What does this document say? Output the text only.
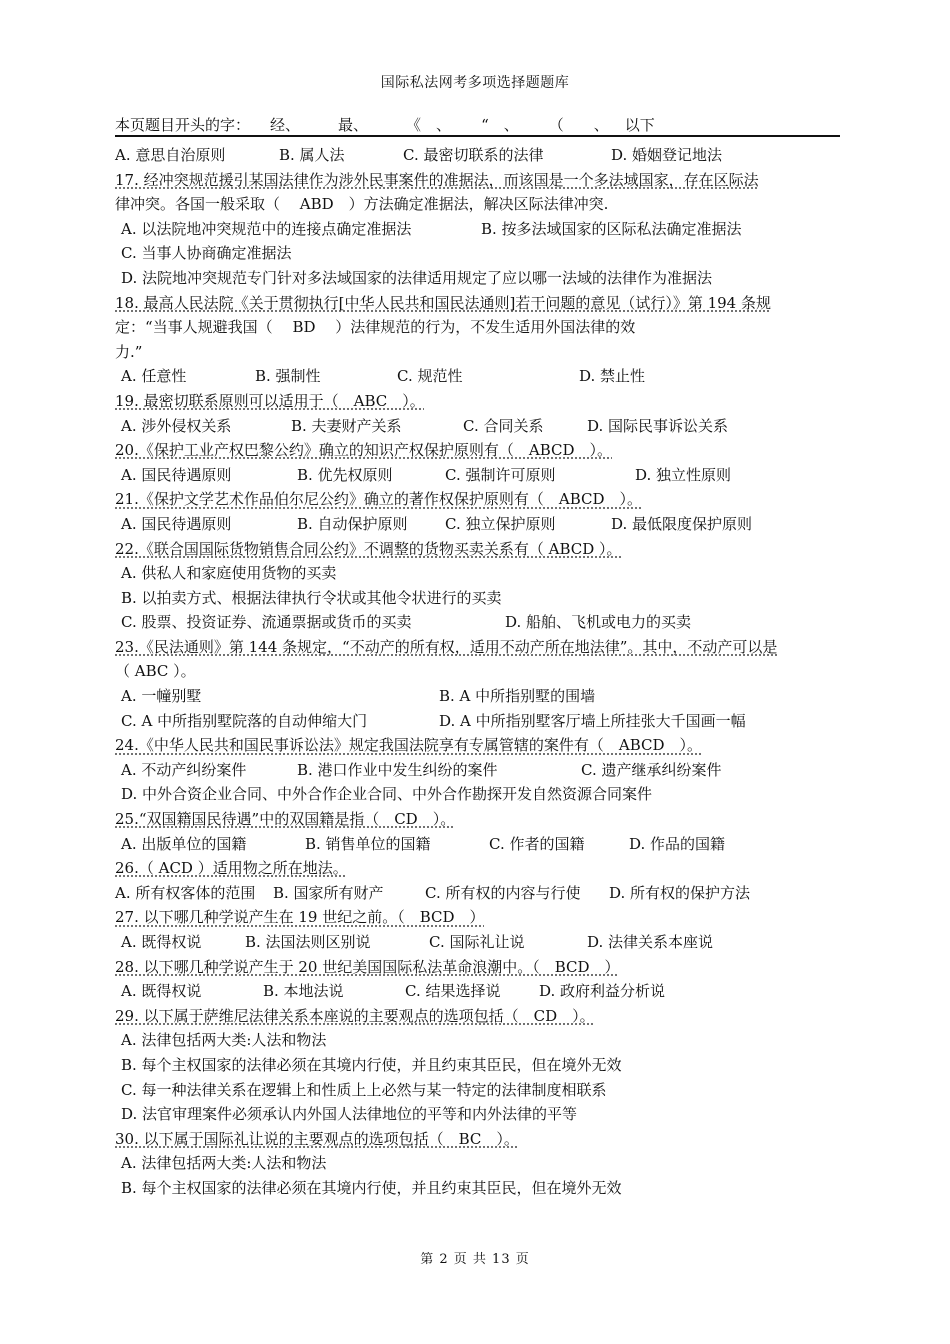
国际私法网考多项选择题题库
本页题目开头的字： 经、	最、	《　、 “　、 （　　、 以下
A. 意思自治原则	B. 属人法	C. 最密切联系的法律	D. 婚姻登记地法
17. 经冲突规范援引某国法律作为涉外民事案件的准据法，而该国是一个多法域国家，存在区际法
律冲突。各国一般采取（　 ABD　）方法确定准据法，解决区际法律冲突.
A. 以法院地冲突规范中的连接点确定准据法	B. 按多法域国家的区际私法确定准据法
C. 当事人协商确定准据法
D. 法院地冲突规范专门针对多法域国家的法律适用规定了应以哪一法域的法律作为准据法
18. 最高人民法院《关于贯彻执行[中华人民共和国民法通则]若干问题的意见（试行）》第 194 条规
定：“当事人规避我国（　 BD　 ）法律规范的行为，不发生适用外国法律的效
力.”
A. 任意性	B. 强制性	C. 规范性	D. 禁止性
19. 最密切联系原则可以适用于（　ABC　）。
A. 涉外侵权关系	B. 夫妻财产关系	C. 合同关系	D. 国际民事诉讼关系
20.《保护工业产权巴黎公约》确立的知识产权保护原则有（　ABCD　）。
A. 国民待遇原则	B. 优先权原则	C. 强制许可原则	D. 独立性原则
21.《保护文学艺术作品伯尔尼公约》确立的著作权保护原则有（　ABCD　）。
A. 国民待遇原则	B. 自动保护原则	C. 独立保护原则	D. 最低限度保护原则
22.《联合国国际货物销售合同公约》不调整的货物买卖关系有（ ABCD ）。
A. 供私人和家庭使用货物的买卖
B. 以拍卖方式、根据法律执行令状或其他令状进行的买卖
C. 股票、投资证券、流通票据或货币的买卖	D. 船舶、飞机或电力的买卖
23.《民法通则》第 144 条规定，“不动产的所有权，适用不动产所在地法律”。其中，不动产可以是
（ ABC ）。
A. 一幢别墅	B. A 中所指别墅的围墙
C. A 中所指别墅院落的自动伸缩大门	D. A 中所指别墅客厅墙上所挂张大千国画一幅
24.《中华人民共和国民事诉讼法》规定我国法院享有专属管辖的案件有（　ABCD　）。
A. 不动产纠纷案件	B. 港口作业中发生纠纷的案件	C. 遗产继承纠纷案件
D. 中外合资企业合同、中外合作企业合同、中外合作勘探开发自然资源合同案件
25.“双国籍国民待遇”中的双国籍是指（　CD　）。
A. 出版单位的国籍	B. 销售单位的国籍	C. 作者的国籍	D. 作品的国籍
26.（ ACD ）适用物之所在地法。
A. 所有权客体的范围	B. 国家所有财产	C. 所有权的内容与行使	D. 所有权的保护方法
27. 以下哪几种学说产生在 19 世纪之前。（　BCD　）
A. 既得权说	B. 法国法则区别说	C. 国际礼让说	D. 法律关系本座说
28. 以下哪几种学说产生于 20 世纪美国国际私法革命浪潮中。（　BCD　）
A. 既得权说	B. 本地法说	C. 结果选择说	D. 政府利益分析说
29. 以下属于萨维尼法律关系本座说的主要观点的选项包括（　CD　）。
A. 法律包括两大类:人法和物法
B. 每个主权国家的法律必须在其境内行使，并且约束其臣民，但在境外无效
C. 每一种法律关系在逻辑上和性质上上必然与某一特定的法律制度相联系
D. 法官审理案件必须承认内外国人法律地位的平等和内外法律的平等
30. 以下属于国际礼让说的主要观点的选项包括（　BC　）。
A. 法律包括两大类:人法和物法
B. 每个主权国家的法律必须在其境内行使，并且约束其臣民，但在境外无效
第 2 页 共 13 页
